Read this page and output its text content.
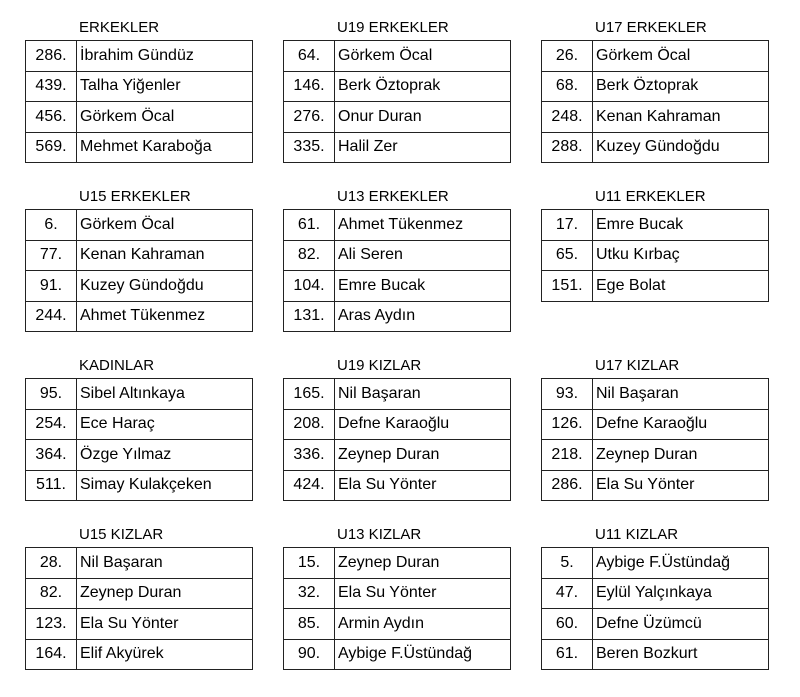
ERKEKLER
286.	İbrahim Gündüz
439.	Talha Yiğenler
456.	Görkem Öcal
569.	Mehmet Karaboğa
U19 ERKEKLER
64.	Görkem Öcal
146.	Berk Öztoprak
276.	Onur Duran
335.	Halil Zer
U17 ERKEKLER
26.	Görkem Öcal
68.	Berk Öztoprak
248.	Kenan Kahraman
288.	Kuzey Gündoğdu
U15 ERKEKLER
6.	Görkem Öcal
77.	Kenan Kahraman
91.	Kuzey Gündoğdu
244.	Ahmet Tükenmez
U13 ERKEKLER
61.	Ahmet Tükenmez
82.	Ali Seren
104.	Emre Bucak
131.	Aras Aydın
U11 ERKEKLER
17.	Emre Bucak
65.	Utku Kırbaç
151.	Ege Bolat
KADINLAR
95.	Sibel Altınkaya
254.	Ece Haraç
364.	Özge Yılmaz
511.	Simay Kulakçeken
U19 KIZLAR
165.	Nil Başaran
208.	Defne Karaoğlu
336.	Zeynep Duran
424.	Ela Su Yönter
U17 KIZLAR
93.	Nil Başaran
126.	Defne Karaoğlu
218.	Zeynep Duran
286.	Ela Su Yönter
U15 KIZLAR
28.	Nil Başaran
82.	Zeynep Duran
123.	Ela Su Yönter
164.	Elif Akyürek
U13 KIZLAR
15.	Zeynep Duran
32.	Ela Su Yönter
85.	Armin Aydın
90.	Aybige F.Üstündağ
U11 KIZLAR
5.	Aybige F.Üstündağ
47.	Eylül Yalçınkaya
60.	Defne Üzümcü
61.	Beren Bozkurt
